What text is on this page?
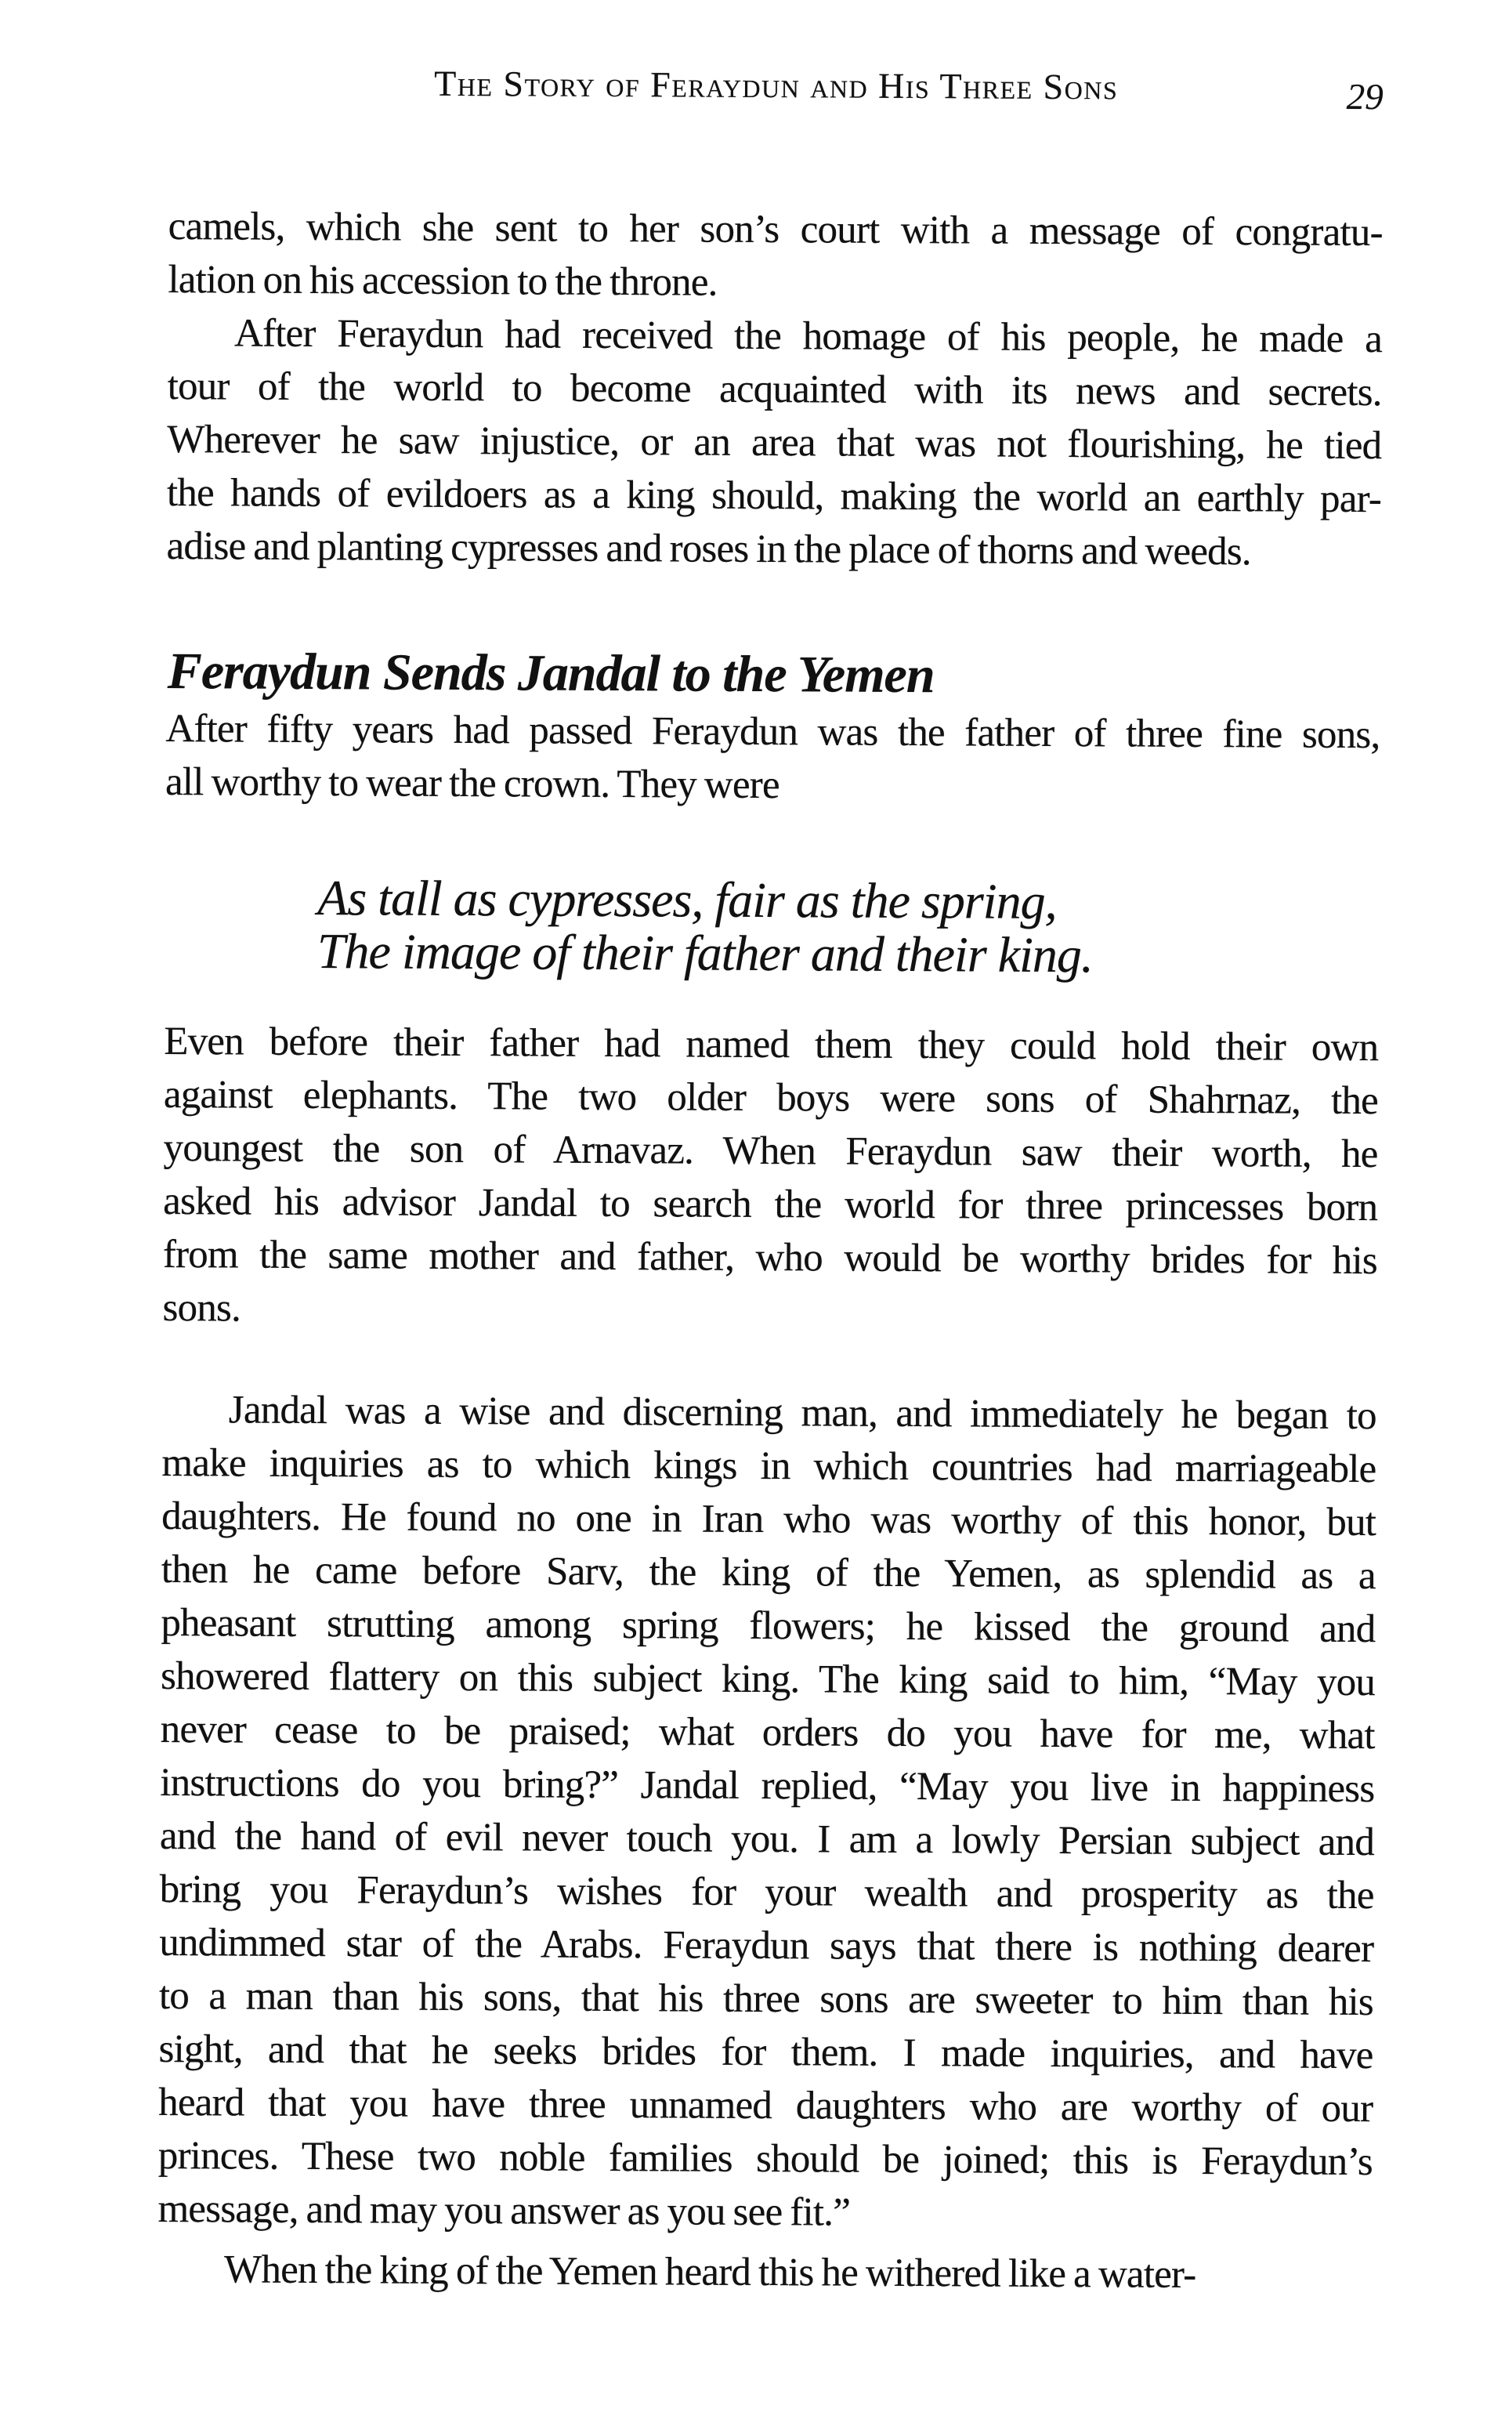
The Story of Feraydun and His Three Sons	29
camels, which she sent to her son’s court with a message of congratu-
lation on his accession to the throne.
After Feraydun had received the homage of his people, he made a
tour of the world to become acquainted with its news and secrets.
Wherever he saw injustice, or an area that was not flourishing, he tied
the hands of evildoers as a king should, making the world an earthly par-
adise and planting cypresses and roses in the place of thorns and weeds.
Feraydun Sends Jandal to the Yemen
After fifty years had passed Feraydun was the father of three fine sons,
all worthy to wear the crown. They were
As tall as cypresses, fair as the spring,
The image of their father and their king.
Even before their father had named them they could hold their own
against elephants. The two older boys were sons of Shahrnaz, the
youngest the son of Arnavaz. When Feraydun saw their worth, he
asked his advisor Jandal to search the world for three princesses born
from the same mother and father, who would be worthy brides for his
sons.
Jandal was a wise and discerning man, and immediately he began to
make inquiries as to which kings in which countries had marriageable
daughters. He found no one in Iran who was worthy of this honor, but
then he came before Sarv, the king of the Yemen, as splendid as a
pheasant strutting among spring flowers; he kissed the ground and
showered flattery on this subject king. The king said to him, “May you
never cease to be praised; what orders do you have for me, what
instructions do you bring?” Jandal replied, “May you live in happiness
and the hand of evil never touch you. I am a lowly Persian subject and
bring you Feraydun’s wishes for your wealth and prosperity as the
undimmed star of the Arabs. Feraydun says that there is nothing dearer
to a man than his sons, that his three sons are sweeter to him than his
sight, and that he seeks brides for them. I made inquiries, and have
heard that you have three unnamed daughters who are worthy of our
princes. These two noble families should be joined; this is Feraydun’s
message, and may you answer as you see fit.”
When the king of the Yemen heard this he withered like a water-
